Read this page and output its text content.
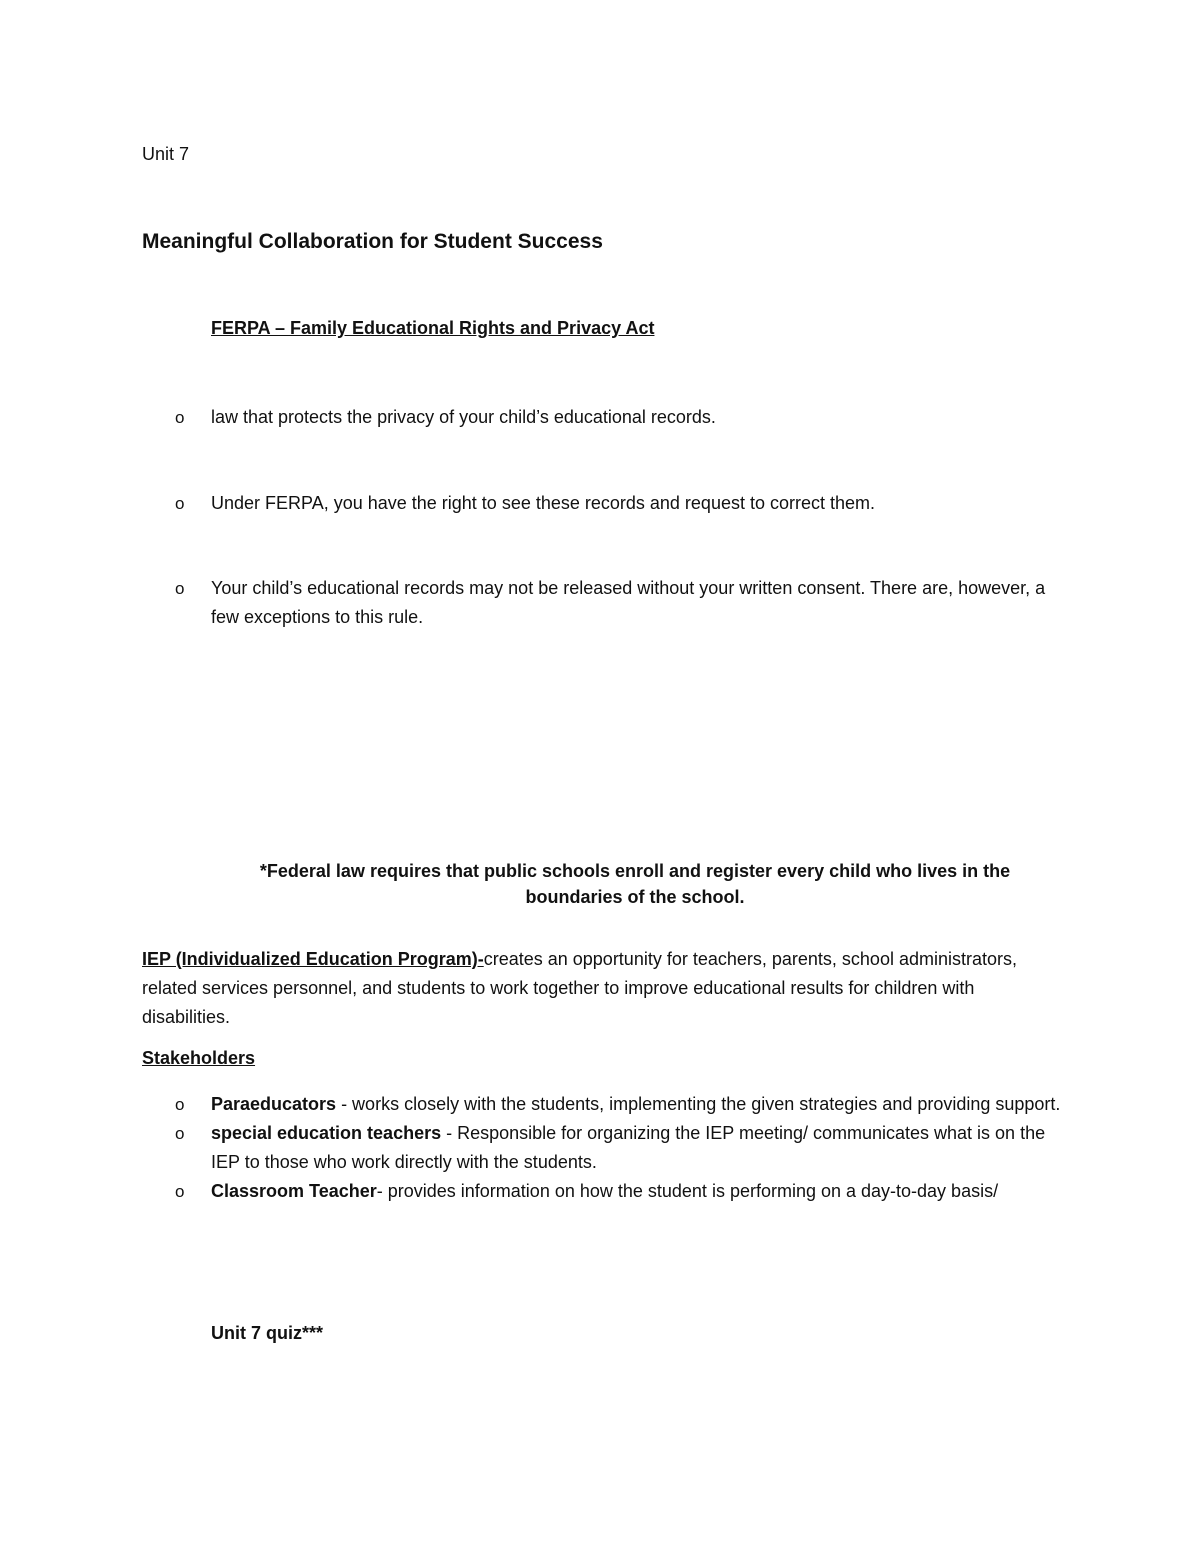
Unit 7
Meaningful Collaboration for Student Success
FERPA – Family Educational Rights and Privacy Act
o law that protects the privacy of your child’s educational records.
o Under FERPA, you have the right to see these records and request to correct them.
o Your child’s educational records may not be released without your written consent. There are, however, a few exceptions to this rule.
*Federal law requires that public schools enroll and register every child who lives in the boundaries of the school.
IEP (Individualized Education Program)-creates an opportunity for teachers, parents, school administrators, related services personnel, and students to work together to improve educational results for children with disabilities.
Stakeholders
o Paraeducators - works closely with the students, implementing the given strategies and providing support.
o special education teachers - Responsible for organizing the IEP meeting/ communicates what is on the IEP to those who work directly with the students.
o Classroom Teacher- provides information on how the student is performing on a day-to-day basis/
Unit 7 quiz***
